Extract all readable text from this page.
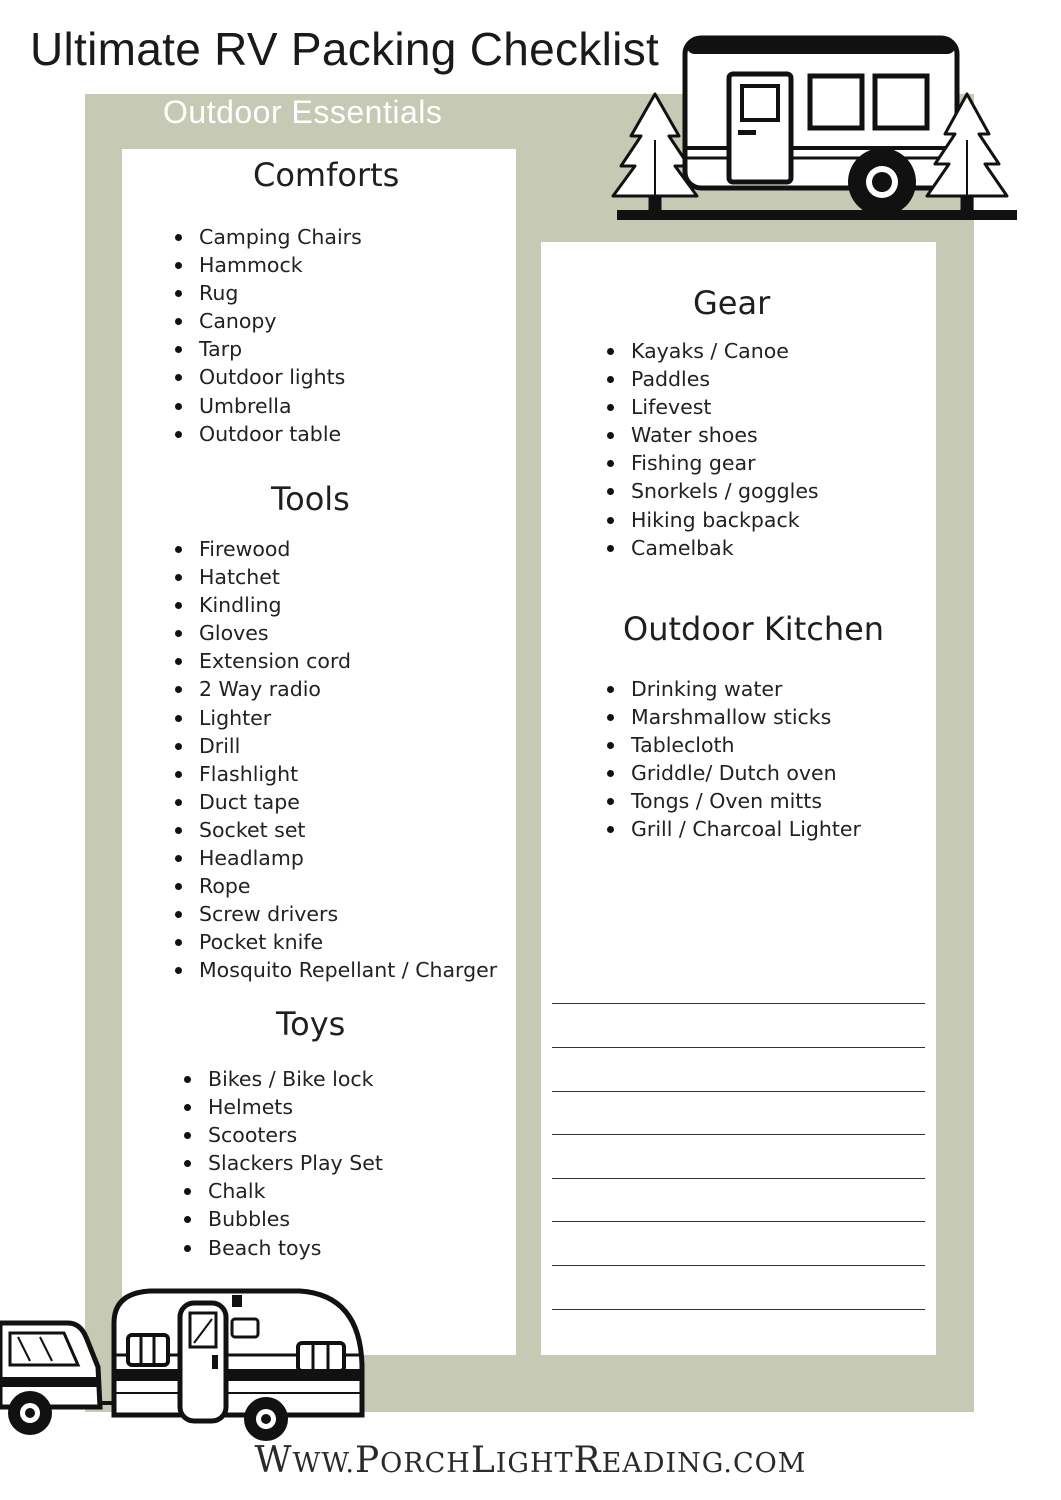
Ultimate RV Packing Checklist
Outdoor Essentials
Comforts
Camping Chairs
Hammock
Rug
Canopy
Tarp
Outdoor lights
Umbrella
Outdoor table
Tools
Firewood
Hatchet
Kindling
Gloves
Extension cord
2 Way radio
Lighter
Drill
Flashlight
Duct tape
Socket set
Headlamp
Rope
Screw drivers
Pocket knife
Mosquito Repellant / Charger
Toys
Bikes / Bike lock
Helmets
Scooters
Slackers Play Set
Chalk
Bubbles
Beach toys
Gear
Kayaks / Canoe
Paddles
Lifevest
Water shoes
Fishing gear
Snorkels / goggles
Hiking backpack
Camelbak
Outdoor Kitchen
Drinking water
Marshmallow sticks
Tablecloth
Griddle/ Dutch oven
Tongs / Oven mitts
Grill / Charcoal Lighter
WWW.PORCHLIGHTREADING.COM
